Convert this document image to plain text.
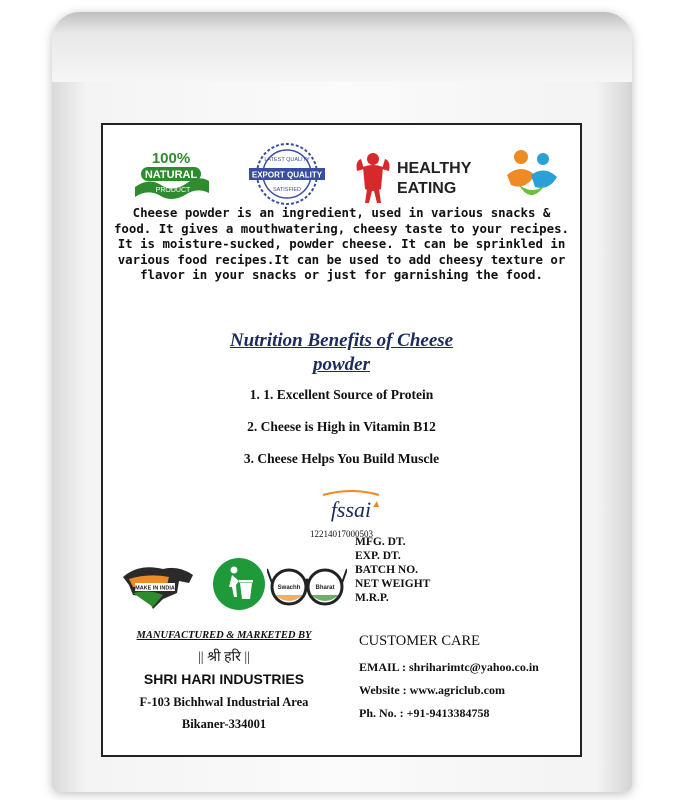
100%
NATURAL
PRODUCT
LATEST QUALITY
EXPORT QUALITY
SATISFIED
HEALTHY
EATING

Cheese powder is an ingredient, used in various snacks & food. It gives a mouthwatering, cheesy taste to your recipes. It is moisture-sucked, powder cheese. It can be sprinkled in various food recipes.It can be used to add cheesy texture or flavor in your snacks or just for garnishing the food.

Nutrition Benefits of Cheese
powder
1. 1. Excellent Source of Protein
2. Cheese is High in Vitamin B12
3. Cheese Helps You Build Muscle
fssai
12214017000503
MAKE IN INDIA	Swachh	Bharat
MFG. DT.
EXP. DT.
BATCH NO.
NET WEIGHT
M.R.P.
MANUFACTURED & MARKETED BY
|| श्री हरि ||
SHRI HARI INDUSTRIES
F-103 Bichhwal Industrial Area
Bikaner-334001
CUSTOMER CARE
EMAIL : shriharimtc@yahoo.co.in
Website : www.agriclub.com
Ph. No. : +91-9413384758
